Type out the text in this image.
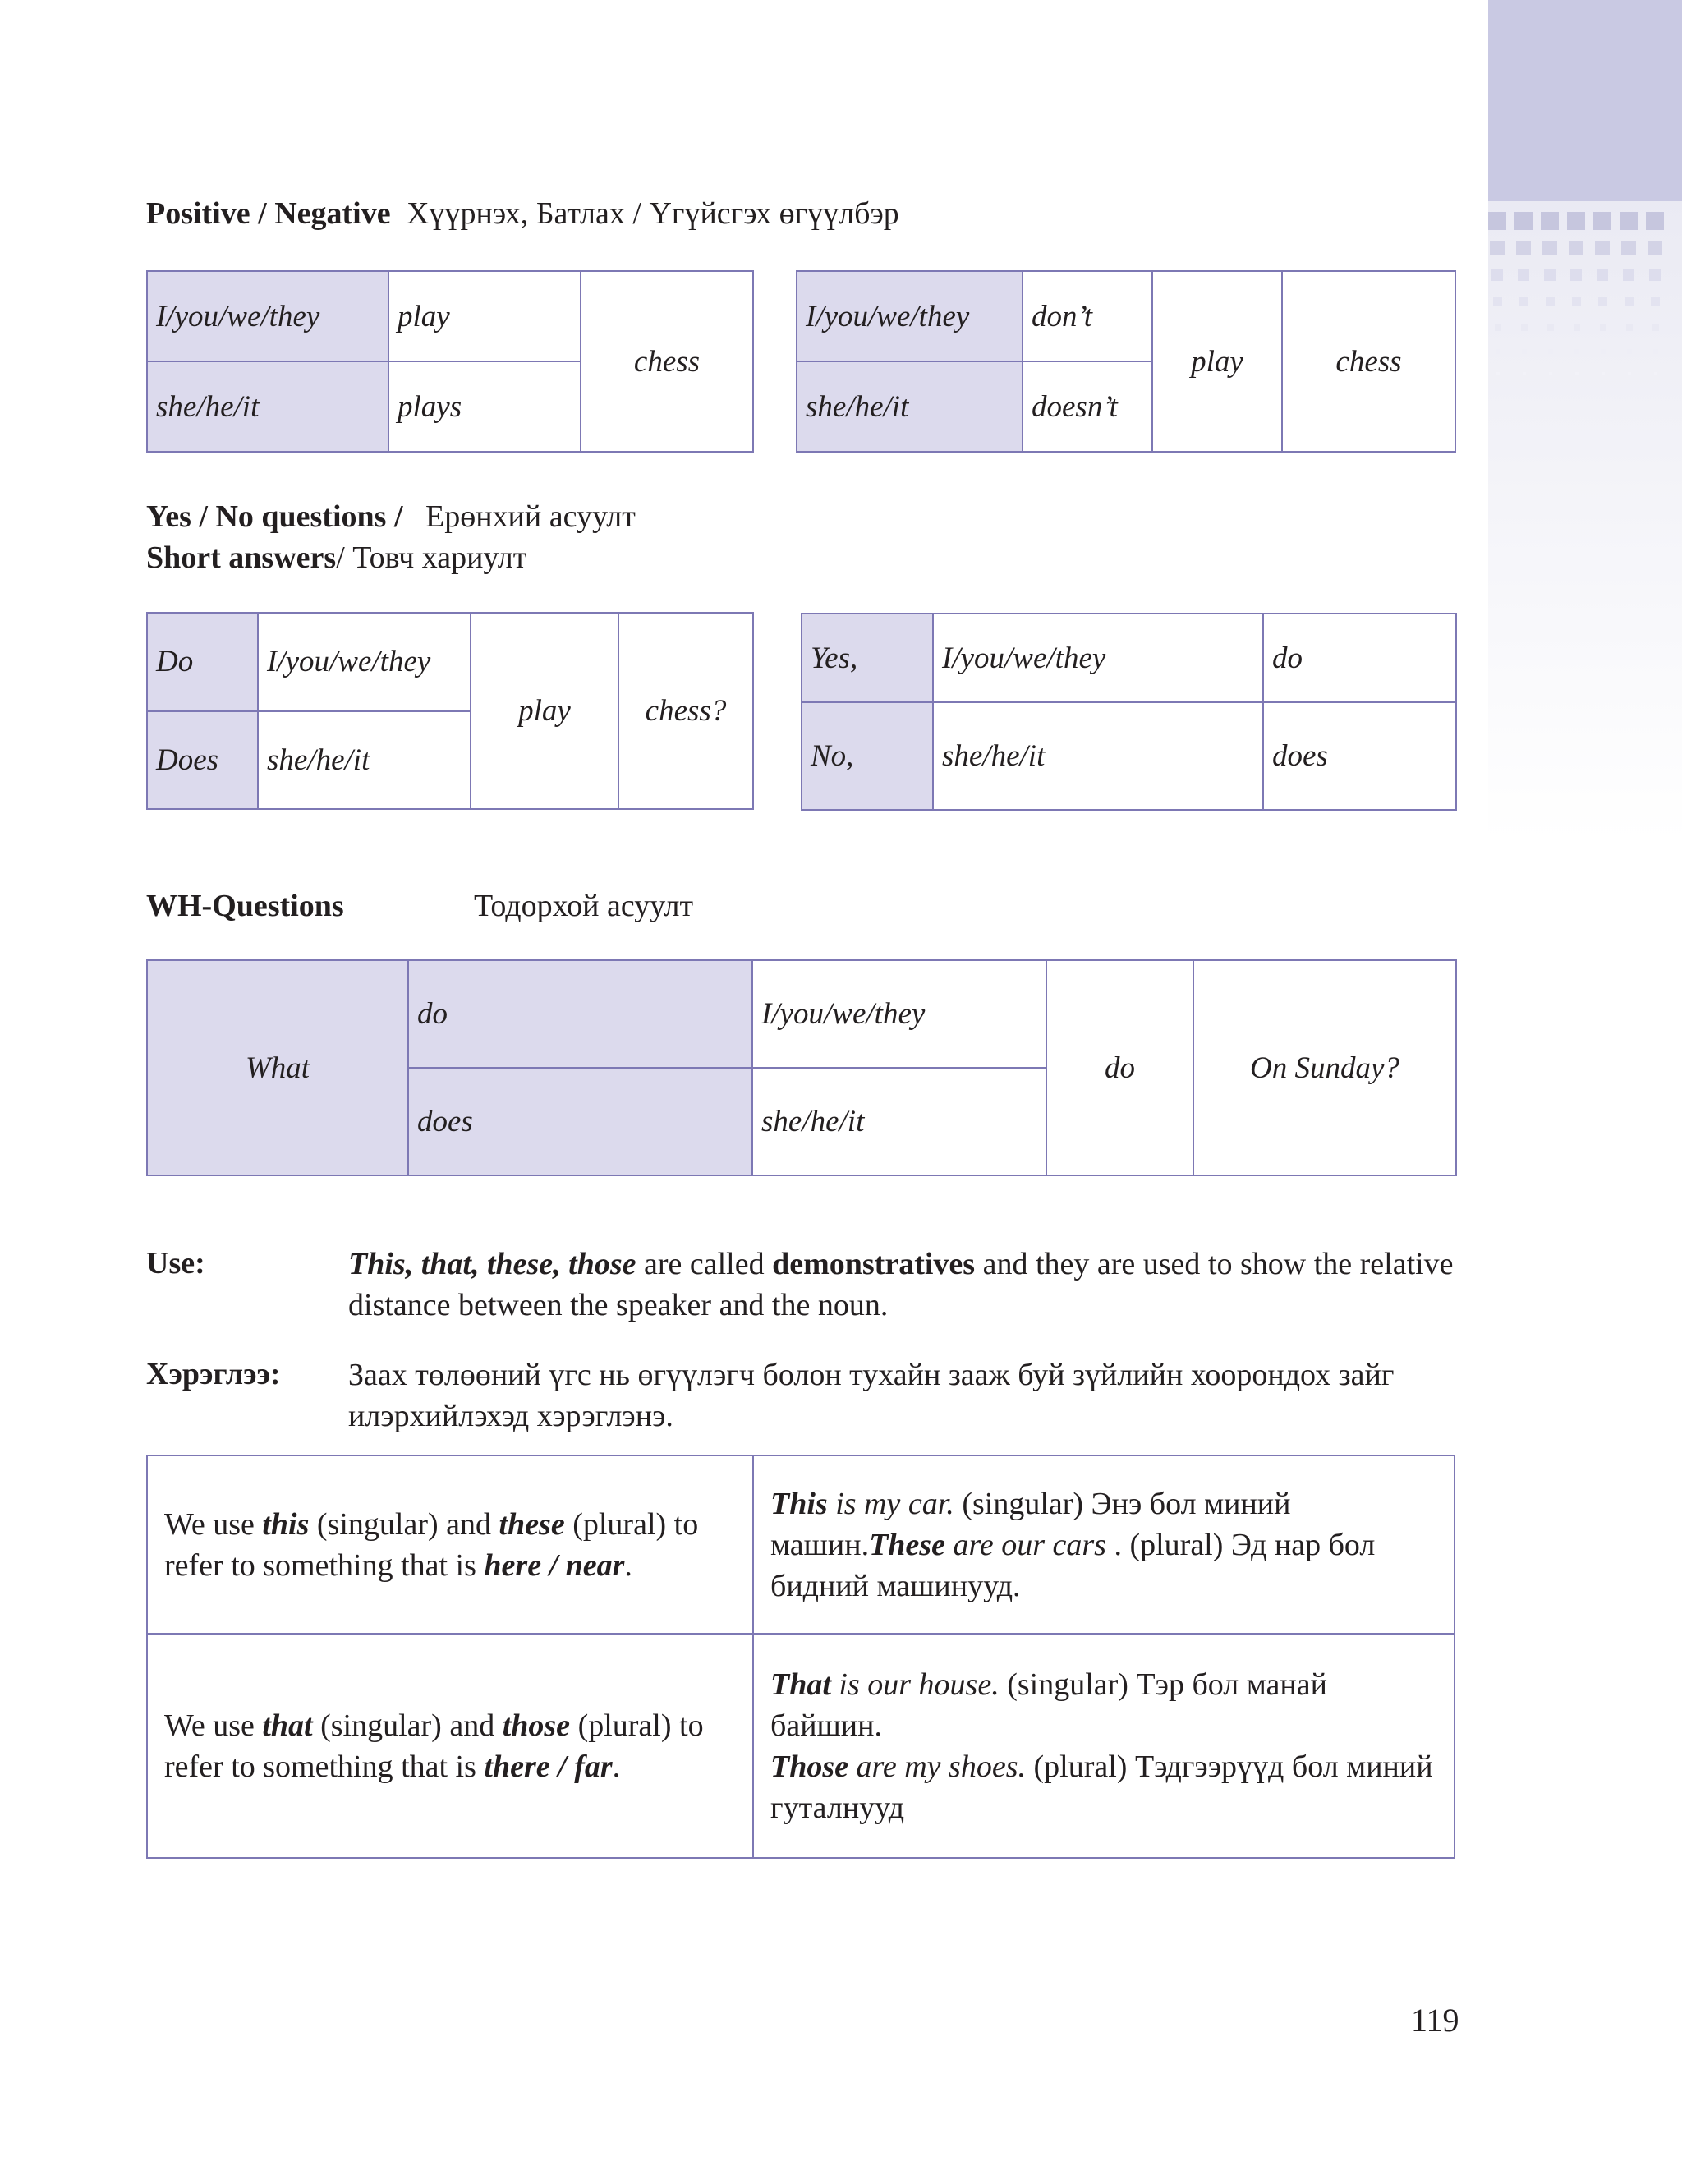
Positive / Negative Хүүрнэх, Батлах / Үгүйсгэх өгүүлбэр
I/you/we/they	play	chess
she/he/it	plays	
I/you/we/they	don’t	play	chess
she/he/it	doesn’t		
Yes / No questions / Ерөнхий асуулт
Short answers/ Товч хариулт
Do	I/you/we/they	play	chess?
Does	she/he/it		
Yes,	I/you/we/they	do
No,	she/he/it	does
WH-Questions	Тодорхой асуулт
What	do	I/you/we/they	do	On Sunday?
	does	she/he/it		
Use:	This, that, these, those are called demonstratives and they are used to show the relative distance between the speaker and the noun.
Хэрэглээ: Заах төлөөний үгс нь өгүүлэгч болон тухайн зааж буй зүйлийн хоорондох зайг илэрхийлэхэд хэрэглэнэ.
We use this (singular) and these (plural) to refer to something that is here / near.	This is my car. (singular) Энэ бол миний машин.These are our cars . (plural) Эд нар бол бидний машинууд.
We use that (singular) and those (plural) to refer to something that is there / far.	That is our house. (singular) Тэр бол манай байшин.
Those are my shoes. (plural) Тэдгээрүүд бол миний гуталнууд
119
